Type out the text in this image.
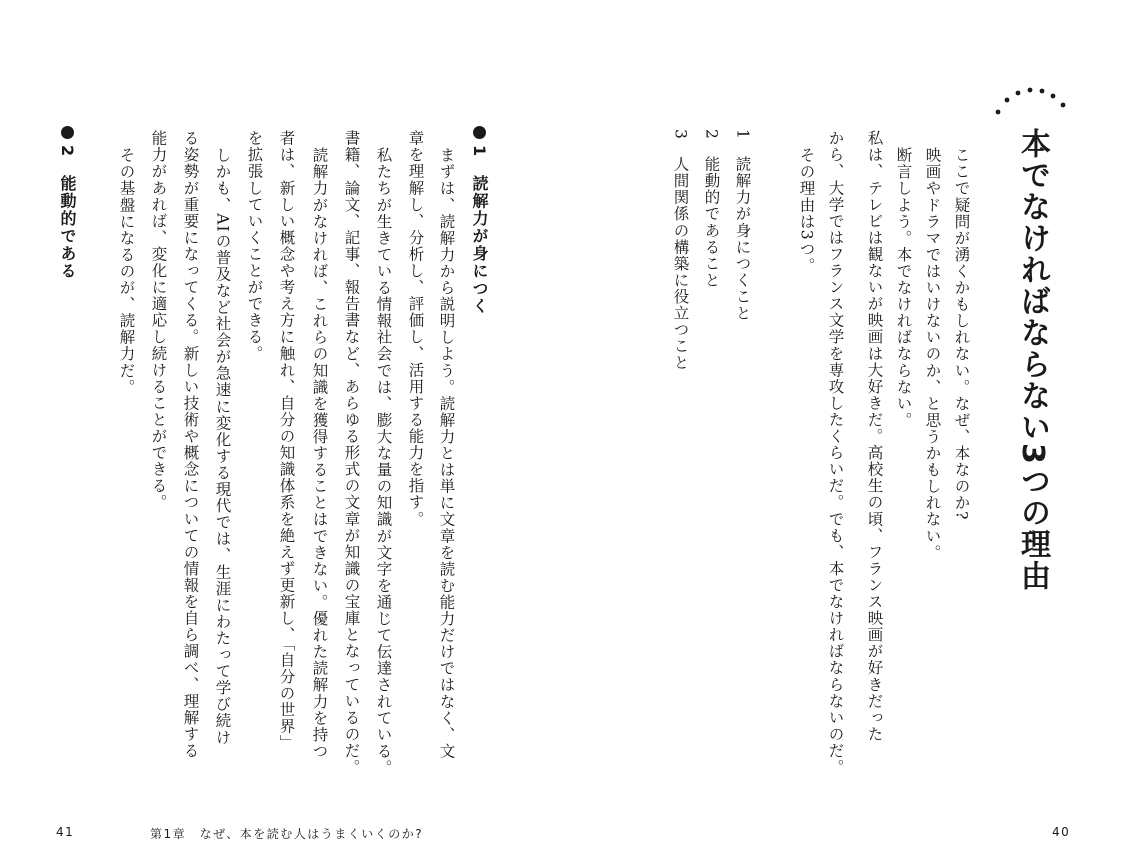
本でなければならない3つの理由
ここで疑問が湧くかもしれない。なぜ、本なのか?
映画やドラマではいけないのか、と思うかもしれない。
断言しよう。本でなければならない。
私は、テレビは観ないが映画は大好きだ。高校生の頃、フランス映画が好きだった
から、大学ではフランス文学を専攻したくらいだ。でも、本でなければならないのだ。
その理由は3つ。
1読解力が身につくこと
2能動的であること
3人間関係の構築に役立つこと
1　読解力が身につく
まずは、読解力から説明しよう。読解力とは単に文章を読む能力だけではなく、文
章を理解し、分析し、評価し、活用する能力を指す。
私たちが生きている情報社会では、膨大な量の知識が文字を通じて伝達されている。
書籍、論文、記事、報告書など、あらゆる形式の文章が知識の宝庫となっているのだ。
読解力がなければ、これらの知識を獲得することはできない。優れた読解力を持つ
者は、新しい概念や考え方に触れ、自分の知識体系を絶えず更新し、「自分の世界」
を拡張していくことができる。
しかも、AIの普及など社会が急速に変化する現代では、生涯にわたって学び続け
る姿勢が重要になってくる。新しい技術や概念についての情報を自ら調べ、理解する
能力があれば、変化に適応し続けることができる。
その基盤になるのが、読解力だ。
2　能動的である
41	第1章　なぜ、本を読む人はうまくいくのか?	40
